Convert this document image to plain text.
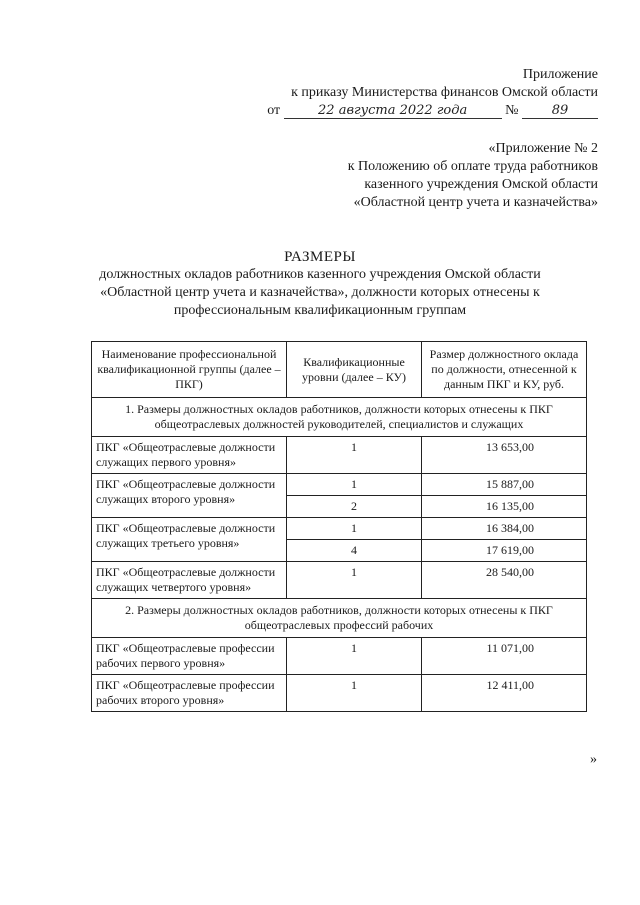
Приложение
к приказу Министерства финансов Омской области
от	22 августа 2022 года	№	89
«Приложение № 2
к Положению об оплате труда работников
казенного учреждения Омской области
«Областной центр учета и казначейства»
РАЗМЕРЫ
должностных окладов работников казенного учреждения Омской области
«Областной центр учета и казначейства», должности которых отнесены к
профессиональным квалификационным группам
Наименование профессиональной квалификационной группы (далее – ПКГ)	Квалификационные уровни (далее – КУ)	Размер должностного оклада по должности, отнесенной к данным ПКГ и КУ, руб.
1. Размеры должностных окладов работников, должности которых отнесены к ПКГ общеотраслевых должностей руководителей, специалистов и служащих		
ПКГ «Общеотраслевые должности служащих первого уровня»	1	13 653,00
ПКГ «Общеотраслевые должности служащих второго уровня»	1	15 887,00
	2	16 135,00
ПКГ «Общеотраслевые должности служащих третьего уровня»	1	16 384,00
	4	17 619,00
ПКГ «Общеотраслевые должности служащих четвертого уровня»	1	28 540,00
2. Размеры должностных окладов работников, должности которых отнесены к ПКГ общеотраслевых профессий рабочих		
ПКГ «Общеотраслевые профессии рабочих первого уровня»	1	11 071,00
ПКГ «Общеотраслевые профессии рабочих второго уровня»	1	12 411,00
»
